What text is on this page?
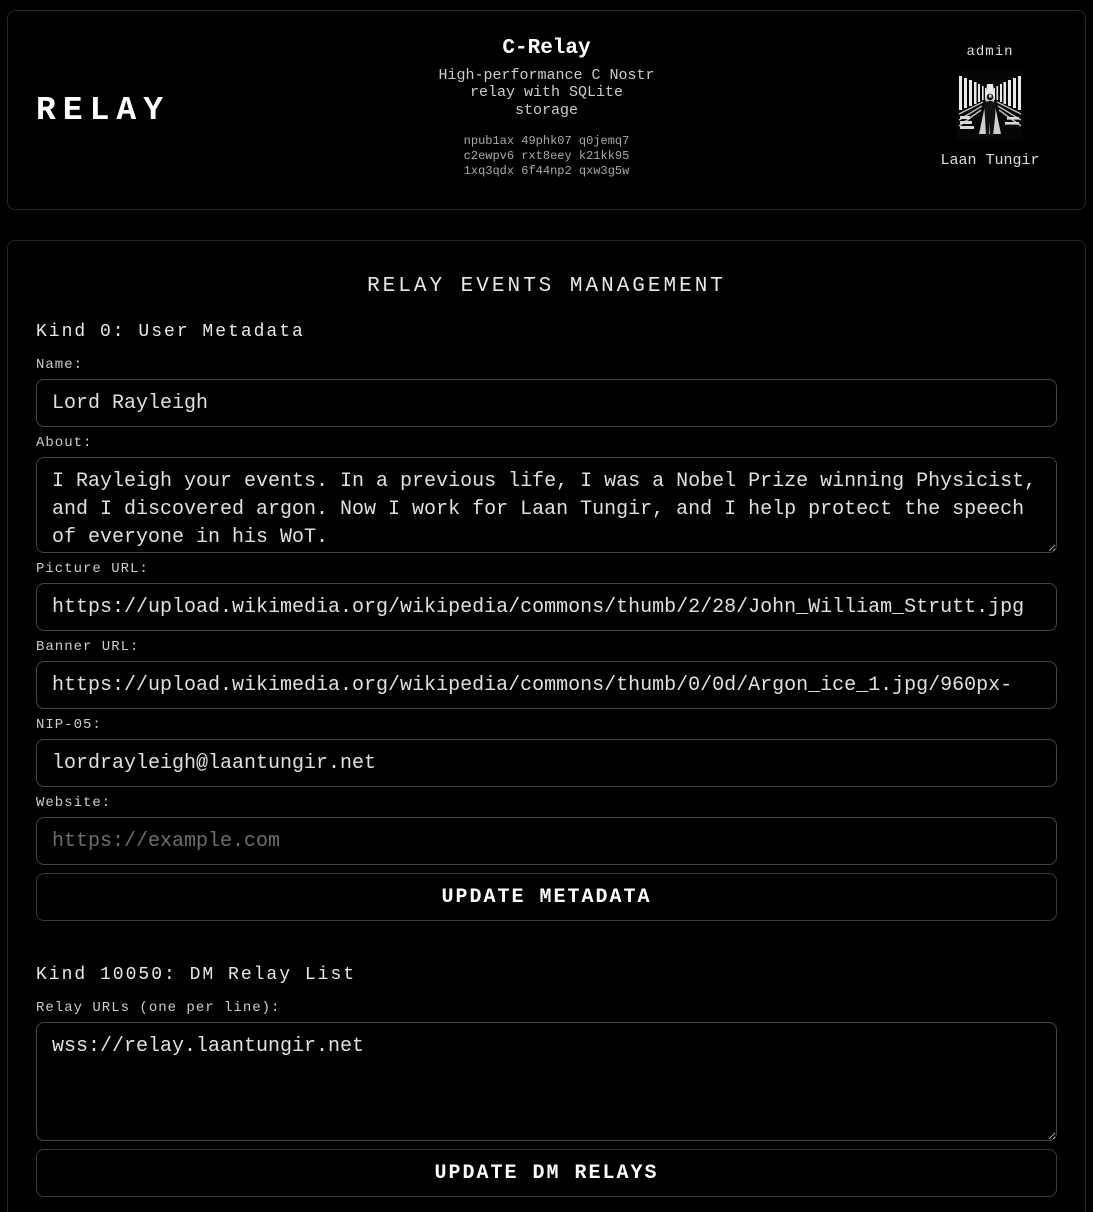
RELAY
C-Relay
High-performance C Nostr relay with SQLite storage
npub1ax 49phk07 q0jemq7
c2ewpv6 rxt8eey k21kk95
1xq3qdx 6f44np2 qxw3g5w
admin
Laan Tungir
RELAY EVENTS MANAGEMENT
Kind 0: User Metadata
Name:
Lord Rayleigh
About:
I Rayleigh your events. In a previous life, I was a Nobel Prize winning Physicist, and I discovered argon. Now I work for Laan Tungir, and I help protect the speech of everyone in his WoT.
Picture URL:
https://upload.wikimedia.org/wikipedia/commons/thumb/2/28/John_William_Strutt.jpg
Banner URL:
https://upload.wikimedia.org/wikipedia/commons/thumb/0/0d/Argon_ice_1.jpg/960px-
NIP-05:
lordrayleigh@laantungir.net
Website:
https://example.com
UPDATE METADATA
Kind 10050: DM Relay List
Relay URLs (one per line):
wss://relay.laantungir.net
UPDATE DM RELAYS
